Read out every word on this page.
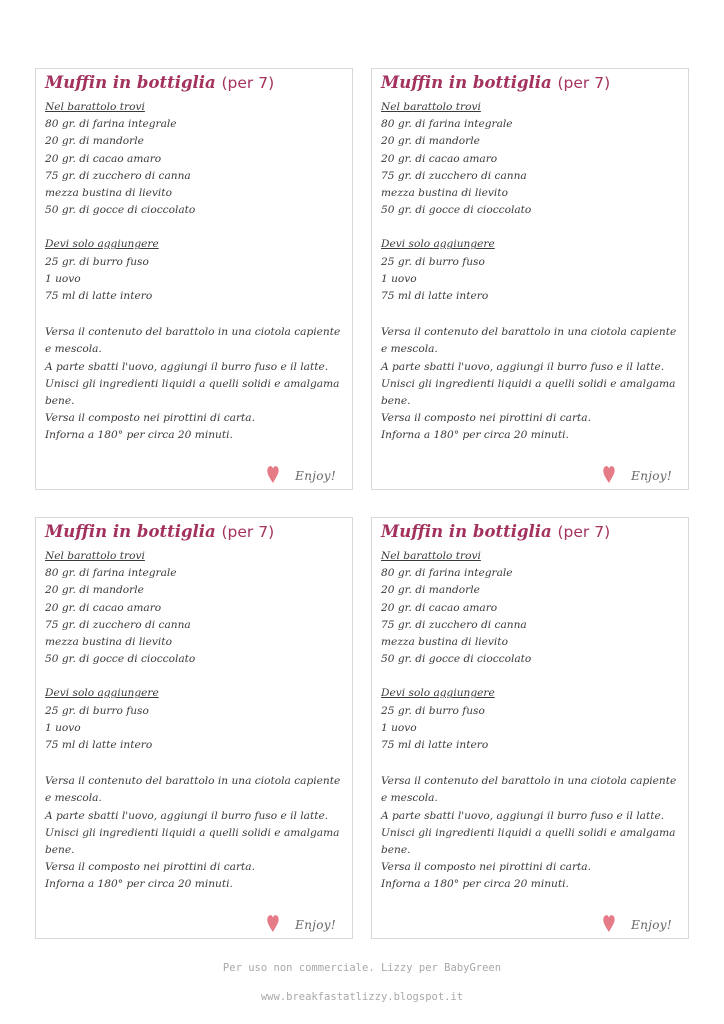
Muffin in bottiglia (per 7)
Nel barattolo trovi
80 gr. di farina integrale
20 gr. di mandorle
20 gr. di cacao amaro
75 gr. di zucchero di canna
mezza bustina di lievito
50 gr. di gocce di cioccolato
Devi solo aggiungere
25 gr. di burro fuso
1 uovo
75 ml di latte intero
Versa il contenuto del barattolo in una ciotola capiente e mescola.
A parte sbatti l'uovo, aggiungi il burro fuso e il latte.
Unisci gli ingredienti liquidi a quelli solidi e amalgama bene.
Versa il composto nei pirottini di carta.
Inforna a 180° per circa 20 minuti.
Enjoy!
Muffin in bottiglia (per 7)
Nel barattolo trovi
80 gr. di farina integrale
20 gr. di mandorle
20 gr. di cacao amaro
75 gr. di zucchero di canna
mezza bustina di lievito
50 gr. di gocce di cioccolato
Devi solo aggiungere
25 gr. di burro fuso
1 uovo
75 ml di latte intero
Versa il contenuto del barattolo in una ciotola capiente e mescola.
A parte sbatti l'uovo, aggiungi il burro fuso e il latte.
Unisci gli ingredienti liquidi a quelli solidi e amalgama bene.
Versa il composto nei pirottini di carta.
Inforna a 180° per circa 20 minuti.
Enjoy!
Muffin in bottiglia (per 7)
Nel barattolo trovi
80 gr. di farina integrale
20 gr. di mandorle
20 gr. di cacao amaro
75 gr. di zucchero di canna
mezza bustina di lievito
50 gr. di gocce di cioccolato
Devi solo aggiungere
25 gr. di burro fuso
1 uovo
75 ml di latte intero
Versa il contenuto del barattolo in una ciotola capiente e mescola.
A parte sbatti l'uovo, aggiungi il burro fuso e il latte.
Unisci gli ingredienti liquidi a quelli solidi e amalgama bene.
Versa il composto nei pirottini di carta.
Inforna a 180° per circa 20 minuti.
Enjoy!
Muffin in bottiglia (per 7)
Nel barattolo trovi
80 gr. di farina integrale
20 gr. di mandorle
20 gr. di cacao amaro
75 gr. di zucchero di canna
mezza bustina di lievito
50 gr. di gocce di cioccolato
Devi solo aggiungere
25 gr. di burro fuso
1 uovo
75 ml di latte intero
Versa il contenuto del barattolo in una ciotola capiente e mescola.
A parte sbatti l'uovo, aggiungi il burro fuso e il latte.
Unisci gli ingredienti liquidi a quelli solidi e amalgama bene.
Versa il composto nei pirottini di carta.
Inforna a 180° per circa 20 minuti.
Enjoy!
Per uso non commerciale. Lizzy per BabyGreen
www.breakfastatlizzy.blogspot.it
